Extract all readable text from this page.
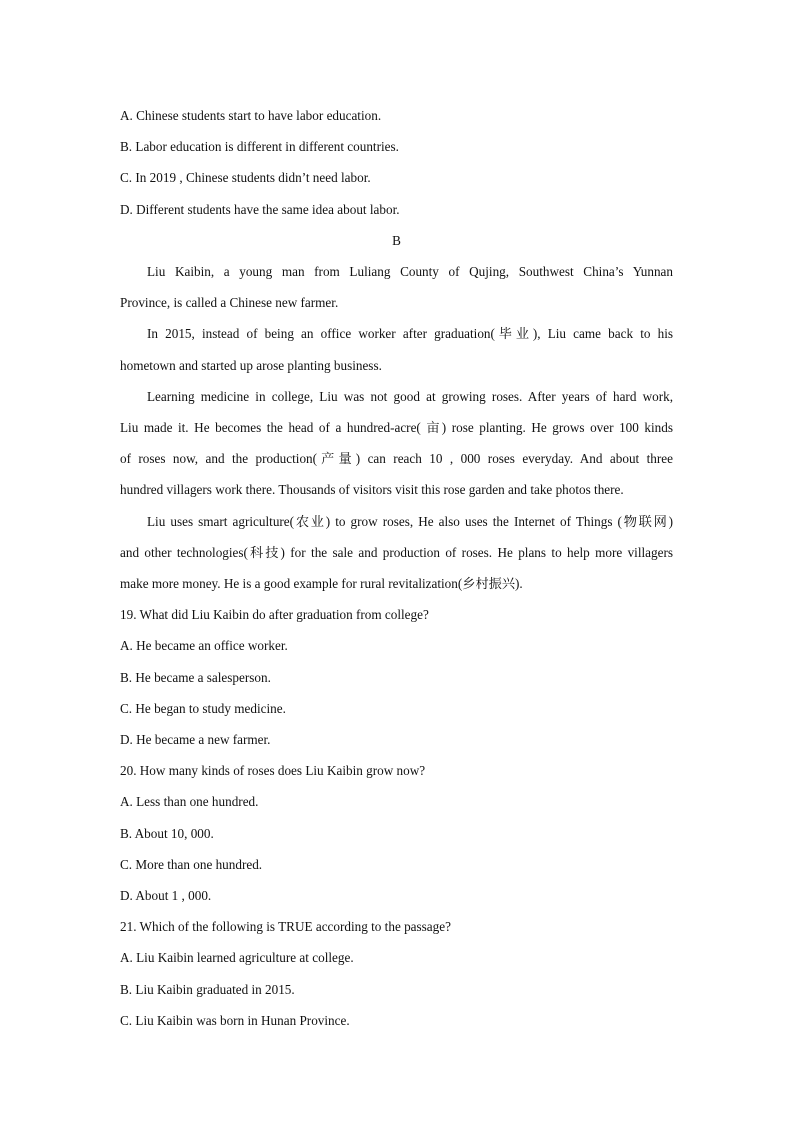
A. Chinese students start to have labor education.

B. Labor education is different in different countries.

C. In 2019 , Chinese students didn’t need labor.

D. Different students have the same idea about labor.

B

Liu Kaibin, a young man from Luliang County of Qujing, Southwest China’s Yunnan

Province, is called a Chinese new farmer.

In 2015, instead of being an office worker after graduation(毕业), Liu came back to his

hometown and started up arose planting business.

Learning medicine in college, Liu was not good at growing roses. After years of hard work,

Liu made it. He becomes the head of a hundred-acre( 亩) rose planting. He grows over 100 kinds

of roses now, and the production(产量) can reach 10 , 000 roses everyday. And about three

hundred villagers work there. Thousands of visitors visit this rose garden and take photos there.

Liu uses smart agriculture(农业) to grow roses, He also uses the Internet of Things (物联网)

and other technologies(科技) for the sale and production of roses. He plans to help more villagers

make more money. He is a good example for rural revitalization(乡村振兴).

19. What did Liu Kaibin do after graduation from college?

A. He became an office worker.

B. He became a salesperson.

C. He began to study medicine.

D. He became a new farmer.

20. How many kinds of roses does Liu Kaibin grow now?

A. Less than one hundred.

B. About 10, 000.

C. More than one hundred.

D. About 1 , 000.

21. Which of the following is TRUE according to the passage?

A. Liu Kaibin learned agriculture at college.

B. Liu Kaibin graduated in 2015.

C. Liu Kaibin was born in Hunan Province.
